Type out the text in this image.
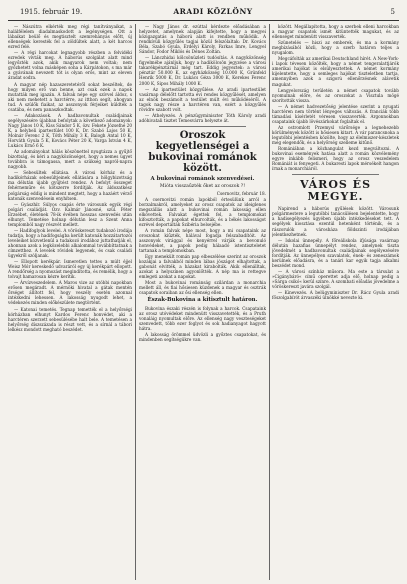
1915. február 19.	ARADI KÖZLÖNY	5

— Nászútra elkérték meg régi tanítványaikat, a halálfélelem diadalmaskodott a legénységen. Ott a lábaikat beülő és megtisztelt szemrehányás előtt, új ellenségek keresték fel a zöldültek alatt, a két harcos ezred felé.

— A régi harcokat legnagyobb részben a felvidéki ezredek vívták meg. A háborús szolgálat alatt mind legyőzték azok, akik magyarok nem voltak; nem győzhetett volna másképen soha a Kárpátokon, s ma már a gyávának nevezett tót is olyan erős, mint az eleven áradat sodra.

A magyar nép hazaszeretetéről sokat beszéltek, de hogy milyen erő van benne, azt csak ezek a napok mutatták meg igazán. A falvak népe egy szívvel áldoz, s aki nem mehetett a harctérre, az itthon segít, ahogyan tud. A szülők fiaikat, az asszonyok férjeiket küldték a csatába, és nem panaszkodtak.

— Adakozások. A hadbavonultak családjainak segélyezésére újabban befolytak a következő adományok: Nagy János 10 K, Kiss Sándor 5 K, özv. Fekete Józsefné 20 K, a helybeli ipartestület 100 K, Dr. Szabó Lajos 50 K, Molnár Ferenc 2 K, Tóth Mihály 3 K, Balogh Antal 10 K, Horváth Gyula 5 K, Kovács Péter 20 K, Varga István 4 K, Lukács Ernő 6 K.

Az adományokat hálás köszönettel nyugtázza a gyűjtő bizottság, és kéri a nagyközönséget, hogy a nemes ügyet továbbra is támogassa, mert a szükség napról-napra nagyobb.

— Sebesültek ellátása. A városi kórház és a hadikórházak sebesültjeinek ellátására a hölgybizottság ma délután újabb gyűjtést rendez. A befolyt összeget fehérneműre és kötszerre fordítják. Az áldozatkész polgárság eddig is mindent megtett, hogy a hazáért vérző katonák szenvedésein enyhítsen.

— Gyászhír. Súlyos csapás érte városunk egyik régi polgári családját. Özv. Kalmár Jánosné, szül. Péter Erzsébet, életének 78-ik évében hosszas szenvedés után elhunyt. Temetése holnap délután lesz a Szent Anna templomból nagy részvét mellett.

— Hadifoglyok levelei. A vöröskereszt tudakozó irodája tudatja, hogy a hadifogságba került katonák hozzátartozói leveleiket közvetlenül a tudakozó irodához juttathatják el, ahonnan azok a legközelebbi alkalommal továbbíttatnak a címzetthez. A levelek rövidek legyenek, és csak családi ügyekről szóljanak.

— Ellopott kerékpár. Ismeretlen tettes a múlt éjjel Weisz Mór kereskedő udvaráról egy új kerékpárt ellopott. A rendőrség a nyomozást megindította, és remélik, hogy a tolvajt hamarosan kézre kerítik.

— Árvízveszedelem. A Maros vize az utóbbi napokban erősen megáradt. A mérnöki hivatal a gátak mentén őrséget állított fel, hogy veszély esetén azonnal intézkedni lehessen. A lakosság nyugodt lehet, a védekezés minden előkészülete megtörtént.

— Katonai temetés. Tegnap temették el a helyőrségi kórházban elhunyt Kardos Ferenc honvédet, aki a harctéren szerzett sebesülésébe halt bele. A temetésen a helyőrség díszszázada is részt vett, és a sírnál a tábori lelkész mondott megható beszédet.

— Nagy János dr. ezúttal kérdezte előadásában a helyzetet, amelynek alapján kifejtette, hogy a megyei közigazgatás a háború alatt is rendben működik. A rendkívüli közgyűlés tagjai közül felszólaltak: Dr. Kovács Béla, Szabó Gyula, Erdélyi Károly, Farkas Imre, Lengyel Sándor, Fodor Miklós és Dénes Zoltán.

— Lánczhidai kölcsönüzleti tudósítás. A nagyközönség figyelmébe ajánljuk, hogy a hadikölcsön jegyzése a városi takarékpénztárnál még tart. Eddig jegyeztek: a városi pénztár 50.000 K, az egyházközség 10.000 K, Grünfeld Henrik 5000 K, Dr. Lukács Géza 3000 K, Kerekes Ferenc 2000 K, Sipos Mihály 1000 K.

— Az ipartestület közgyűlése. Az aradi ipartestület vasárnap délelőtt tartotta évi rendes közgyűlését, amelyen az elnök beszámolt a testület múlt évi működéséről. A tagok nagy része a harctéren van, ezért a közgyűlés rövidre szabott volt.

— Áthelyezés. A pénzügyminiszter Tóth Károly aradi adóhivatali tisztet Temesvárra helyezte át.

Oroszok kegyetlenségei a bukovinai románok között.
A bukovinai románok szenvedései.
Mióta visszaűzték őket az oroszok ?!
Csernovitz, február 18.

A csernovitzi román lapokból értesülünk arról a borzalmakról, amelyeket az orosz csapatok az ideiglenes megszállás alatt a bukovinai román lakosság ellen elkövettek. Falvakat égettek fel, a templomokat kifosztották, a papokat elhurcolták, és a békés lakosságot ezrével deportálták Szibéria belsejébe.

A román falvak népe most, hogy a mi csapataink az oroszokat kiűzték, hálával fogadja felszabadítóit. Az asszonyok virággal és kenyérrel várják a bevonuló honvédeket, a papok pedig hálaadó istentiszteletet tartanak a templomokban.

Egy menekült román pap elbeszélése szerint az oroszok kozákjai a falvakból minden lábas jószágot elhajtottak, a gabonát elvitték, a házakat kirabolták. Akik ellenálltak, azokat a helyszínen agyonlőtték. A nép ma is rettegve emlegeti azokat a napokat.

Most a bukovinai románság szilárdan a monarchia mellett áll, és fiai hősiesen küzdenek a magyar és osztrák csapatok soraiban az ősi ellenség ellen.

Észak-Bukovina a kitisztult határon.

Bukovina északi részén is folynak a harcok. Csapataink az orosz utóvédeket mindenütt visszavetették, és a Pruth vonaláig nyomultak előre. Az ellenség nagy veszteségeket szenvedett, több ezer foglyot és sok hadianyagot hagyott hátra.

A lakosság örömmel üdvözli a győztes csapatokat, és mindenben segítségükre van.

között. Megállapította, hogy a szerbek elleni harcokban a magyar csapatok ismét kitüntették magukat, és az ellenséget mindenütt visszaverték.

Szünetelés — hiszi az emberek, és ma a kormány megbízásából közli, hogy a szerb határon teljes a nyugalom.

Megcáfolták az amerikai Deutschland hírét. A New-York-i lapok tévesen közölték, hogy a német tengeralattjárók amerikai hajókat is elsülyesztettek. A német kormány kijelentette, hogy a semleges hajókat tiszteletben tartja, amennyiben azok a szigorú ellenőrzésnek alávetik magukat.

Lengyelország területén a német csapatok tovább nyomulnak előre, és az oroszokat a Visztula mögé szorították vissza.

— A német hadvezetőség jelentése szerint a nyugati harctéren nem történt lényeges változás. A franciák több támadási kísérletét véresen visszaverték. Argonnokban csapataink újabb lövészárkokat foglaltak el.

Az ostromlott Przemysl várőrsége a legnehezebb körülmények között is hősiesen kitart. A vár parancsnoka a legutóbbi jelentésben közölte, hogy az élelmiszer-készletek még elegendők, és a helyőrség szelleme kitűnő.

Romániában a közhangulat kezd megváltozni. A bukovinai események hatása alatt a román közvélemény egyre inkább felismeri, hogy az orosz veszedelem Romániát is fenyegeti. A bukaresti lapok mérsékelt hangon írnak a monarchiáról.

VÁROS ÉS MEGYE.

Napirend a háborús gyűlések között. Városunk polgármestere a legutóbbi tanácsülésen bejelentette, hogy a hadisegélyezés ügyében újabb intézkedéseket tett. A segélyek kiosztása ezentúl hetenként történik, és a rászorulók a városháza földszinti irodájában jelentkezhetnek.

— Iskolai ünnepély. A főreáliskola ifjúsága vasárnap délután hazafias ünnepélyt rendez, amelynek tiszta jövedelmét a hadbavonultak családjainak segélyezésére fordítják. Az ünnepélyen szavalatok, ének- és zeneszámok kerülnek előadásra, és a tanári kar egyik tagja alkalmi beszédet mond.

— A városi színház műsora. Ma este a társulat a »Cigánybáró« című operettet adja elő, holnap pedig a »Sárga csikó« kerül színre. A szombati előadás jövedelme a vöröskereszt javára szolgál.

— Kinevezés. A belügyminiszter Dr. Rácz Gyula aradi főszolgabírót árvaszéki ülnökké nevezte ki.
